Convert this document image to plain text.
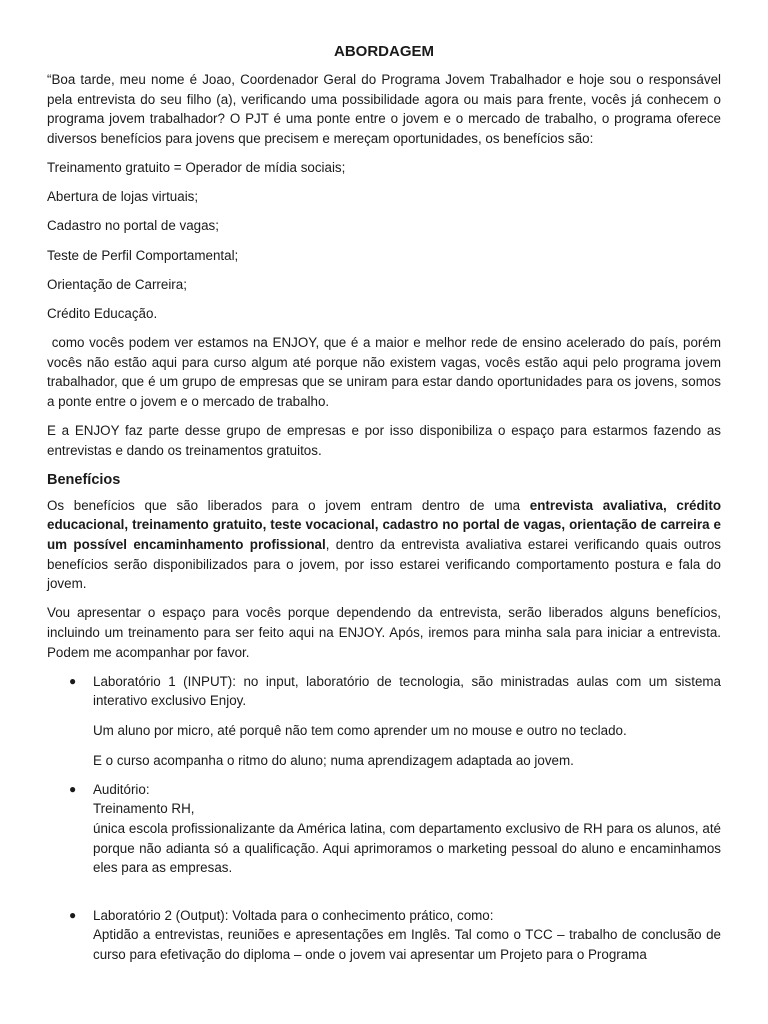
ABORDAGEM

“Boa tarde, meu nome é Joao, Coordenador Geral do Programa Jovem Trabalhador e hoje sou o responsável pela entrevista do seu filho (a), verificando uma possibilidade agora ou mais para frente, vocês já conhecem o programa jovem trabalhador? O PJT é uma ponte entre o jovem e o mercado de trabalho, o programa oferece diversos benefícios para jovens que precisem e mereçam oportunidades, os benefícios são:

Treinamento gratuito = Operador de mídia sociais;
Abertura de lojas virtuais;
Cadastro no portal de vagas;
Teste de Perfil Comportamental;
Orientação de Carreira;
Crédito Educação.

como vocês podem ver estamos na ENJOY, que é a maior e melhor rede de ensino acelerado do país, porém vocês não estão aqui para curso algum até porque não existem vagas, vocês estão aqui pelo programa jovem trabalhador, que é um grupo de empresas que se uniram para estar dando oportunidades para os jovens, somos a ponte entre o jovem e o mercado de trabalho.

E a ENJOY faz parte desse grupo de empresas e por isso disponibiliza o espaço para estarmos fazendo as entrevistas e dando os treinamentos gratuitos.

Benefícios

Os benefícios que são liberados para o jovem entram dentro de uma entrevista avaliativa, crédito educacional, treinamento gratuito, teste vocacional, cadastro no portal de vagas, orientação de carreira e um possível encaminhamento profissional, dentro da entrevista avaliativa estarei verificando quais outros benefícios serão disponibilizados para o jovem, por isso estarei verificando comportamento postura e fala do jovem.

Vou apresentar o espaço para vocês porque dependendo da entrevista, serão liberados alguns benefícios, incluindo um treinamento para ser feito aqui na ENJOY. Após, iremos para minha sala para iniciar a entrevista. Podem me acompanhar por favor.

● Laboratório 1 (INPUT): no input, laboratório de tecnologia, são ministradas aulas com um sistema interativo exclusivo Enjoy.
Um aluno por micro, até porquê não tem como aprender um no mouse e outro no teclado.
E o curso acompanha o ritmo do aluno; numa aprendizagem adaptada ao jovem.
● Auditório:
Treinamento RH,
única escola profissionalizante da América latina, com departamento exclusivo de RH para os alunos, até porque não adianta só a qualificação. Aqui aprimoramos o marketing pessoal do aluno e encaminhamos eles para as empresas.
● Laboratório 2 (Output): Voltada para o conhecimento prático, como:
Aptidão a entrevistas, reuniões e apresentações em Inglês. Tal como o TCC – trabalho de conclusão de curso para efetivação do diploma – onde o jovem vai apresentar um Projeto para o Programa
